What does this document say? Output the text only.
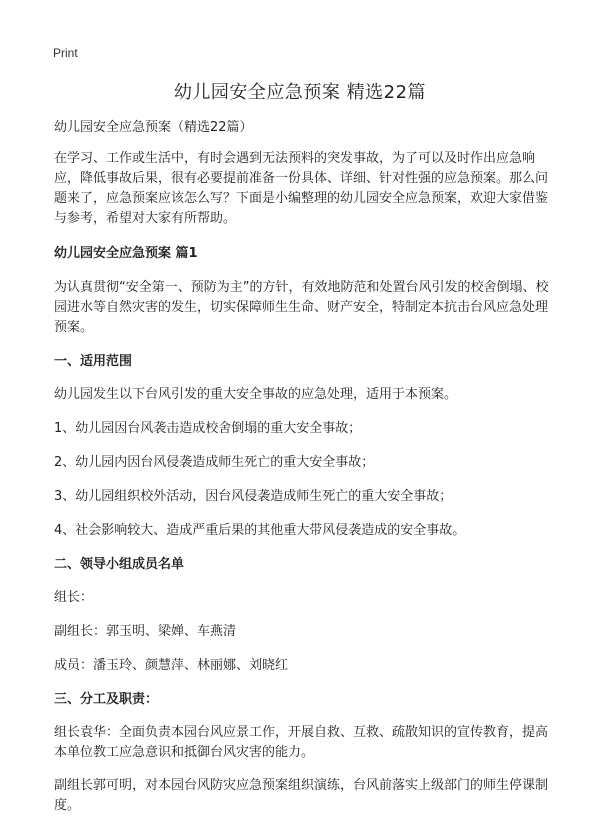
Print
幼儿园安全应急预案 精选22篇

幼儿园安全应急预案（精选22篇）

在学习、工作或生活中，有时会遇到无法预料的突发事故，为了可以及时作出应急响应，降低事故后果，很有必要提前准备一份具体、详细、针对性强的应急预案。那么问题来了，应急预案应该怎么写？下面是小编整理的幼儿园安全应急预案，欢迎大家借鉴与参考，希望对大家有所帮助。

幼儿园安全应急预案 篇1

为认真贯彻“安全第一、预防为主”的方针，有效地防范和处置台风引发的校舍倒塌、校园进水等自然灾害的发生，切实保障师生生命、财产安全，特制定本抗击台风应急处理预案。

一、适用范围

幼儿园发生以下台风引发的重大安全事故的应急处理，适用于本预案。

1、幼儿园因台风袭击造成校舍倒塌的重大安全事故；

2、幼儿园内因台风侵袭造成师生死亡的重大安全事故；

3、幼儿园组织校外活动，因台风侵袭造成师生死亡的重大安全事故；

4、社会影响较大、造成严重后果的其他重大带风侵袭造成的安全事故。

二、领导小组成员名单

组长：

副组长：郭玉明、梁婵、车燕清

成员：潘玉玲、颜慧萍、林丽娜、刘晓红

三、分工及职责：

组长袁华：全面负责本园台风应景工作，开展自救、互救、疏散知识的宣传教育，提高本单位教工应急意识和抵御台风灾害的能力。

副组长郭可明，对本园台风防灾应急预案组织演练，台风前落实上级部门的师生停课制度。
